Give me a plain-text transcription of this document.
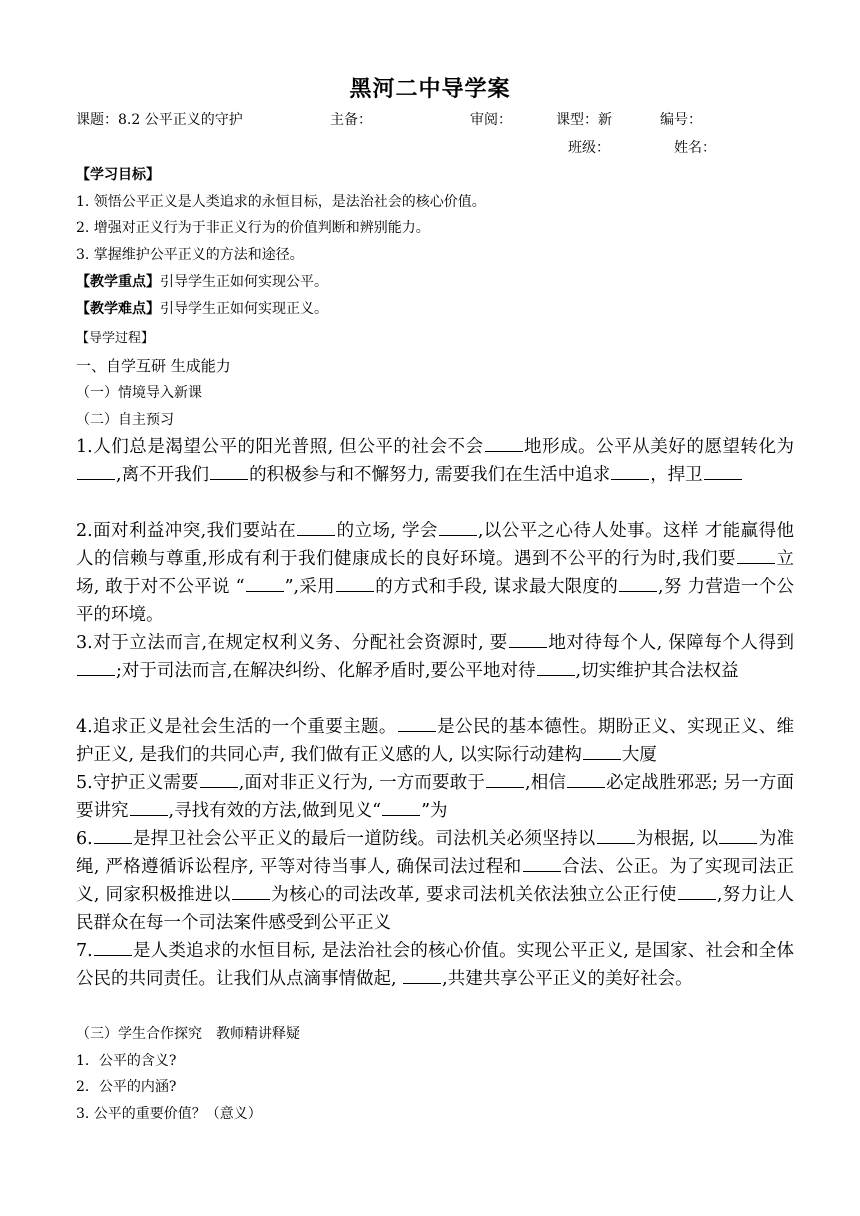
黑河二中导学案
课题：8.2 公平正义的守护	主备：	审阅：	课型：新	编号：
班级：	姓名：
【学习目标】
1. 领悟公平正义是人类追求的永恒目标，是法治社会的核心价值。
2. 增强对正义行为于非正义行为的价值判断和辨别能力。
3. 掌握维护公平正义的方法和途径。
【教学重点】引导学生正如何实现公平。
【教学难点】引导学生正如何实现正义。
【导学过程】
一、自学互研 生成能力
（一）情境导入新课
（二）自主预习

1.人们总是渴望公平的阳光普照, 但公平的社会不会 地形成。公平从美好的愿望转化为,离不开我们 的积极参与和不懈努力, 需要我们在生活中追求 ，捍卫

2.面对利益冲突,我们要站在 的立场, 学会 ,以公平之心待人处事。这样 才能赢得他人的信赖与尊重,形成有利于我们健康成长的良好环境。遇到不公平的行为时,我们要 立场, 敢于对不公平说 “ ”,采用 的方式和手段, 谋求最大限度的 ,努 力营造一个公平的环境。

3.对于立法而言,在规定权利义务、分配社会资源时, 要 地对待每个人, 保障每个人得到;对于司法而言,在解决纠纷、化解矛盾时,要公平地对待 ,切实维护其合法权益

4.追求正义是社会生活的一个重要主题。 是公民的基本德性。期盼正义、实现正义、维护正义, 是我们的共同心声, 我们做有正义感的人, 以实际行动建构 大厦

5.守护正义需要 ,面对非正义行为, 一方而要敢于 ,相信 必定战胜邪恶; 另一方面要讲究 ,寻找有效的方法,做到见义“ ”为

6. 是捍卫社会公平正义的最后一道防线。司法机关必须坚持以 为根据, 以 为准绳, 严格遵循诉讼程序, 平等对待当事人, 确保司法过程和 合法、公正。为了实现司法正义, 同家积极推进以 为核心的司法改革, 要求司法机关依法独立公正行使 ,努力让人民群众在每一个司法案件感受到公平正义

7. 是人类追求的水恒目标, 是法治社会的核心价值。实现公平正义, 是国家、社会和全体公民的共同责任。让我们从点滴事情做起, ,共建共享公平正义的美好社会。

（三）学生合作探究　教师精讲释疑
1．公平的含义?
2．公平的内涵?
3. 公平的重要价值？（意义）
